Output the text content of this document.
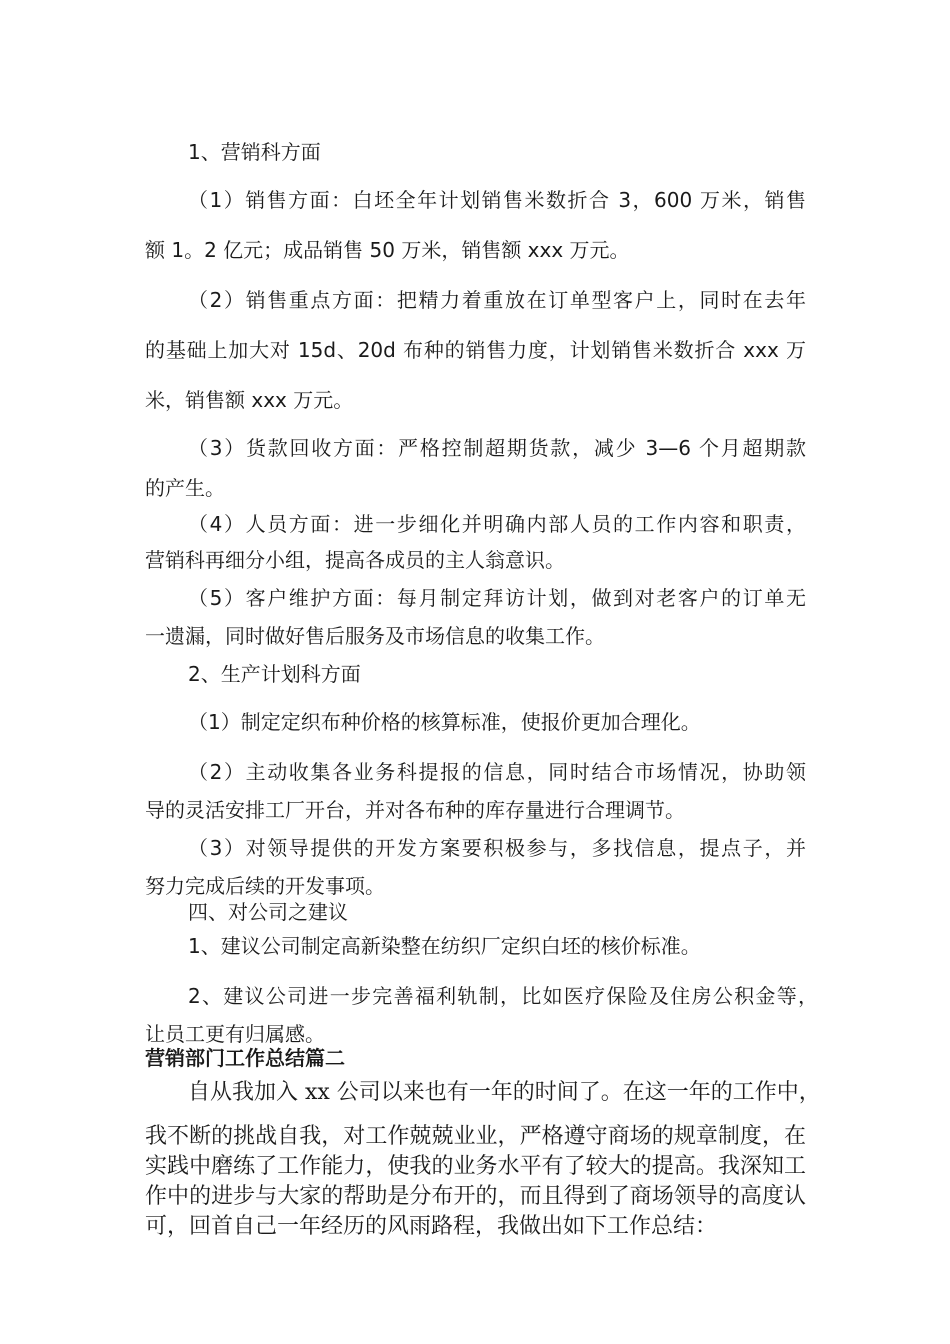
1、营销科方面
（1）销售方面：白坯全年计划销售米数折合 3，600 万米，销售
额 1。2 亿元；成品销售 50 万米，销售额 xxx 万元。
（2）销售重点方面：把精力着重放在订单型客户上，同时在去年
的基础上加大对 15d、20d 布种的销售力度，计划销售米数折合 xxx 万
米，销售额 xxx 万元。
（3）货款回收方面：严格控制超期货款，减少 3—6 个月超期款
的产生。
（4）人员方面：进一步细化并明确内部人员的工作内容和职责，
营销科再细分小组，提高各成员的主人翁意识。
（5）客户维护方面：每月制定拜访计划，做到对老客户的订单无
一遗漏，同时做好售后服务及市场信息的收集工作。
2、生产计划科方面
（1）制定定织布种价格的核算标准，使报价更加合理化。
（2）主动收集各业务科提报的信息，同时结合市场情况，协助领
导的灵活安排工厂开台，并对各布种的库存量进行合理调节。
（3）对领导提供的开发方案要积极参与，多找信息，提点子，并
努力完成后续的开发事项。
四、对公司之建议
1、建议公司制定高新染整在纺织厂定织白坯的核价标准。
2、建议公司进一步完善福利轨制，比如医疗保险及住房公积金等，
让员工更有归属感。
营销部门工作总结篇二
自从我加入 xx 公司以来也有一年的时间了。在这一年的工作中，
我不断的挑战自我，对工作兢兢业业，严格遵守商场的规章制度，在
实践中磨练了工作能力，使我的业务水平有了较大的提高。我深知工
作中的进步与大家的帮助是分布开的，而且得到了商场领导的高度认
可，回首自己一年经历的风雨路程，我做出如下工作总结：
